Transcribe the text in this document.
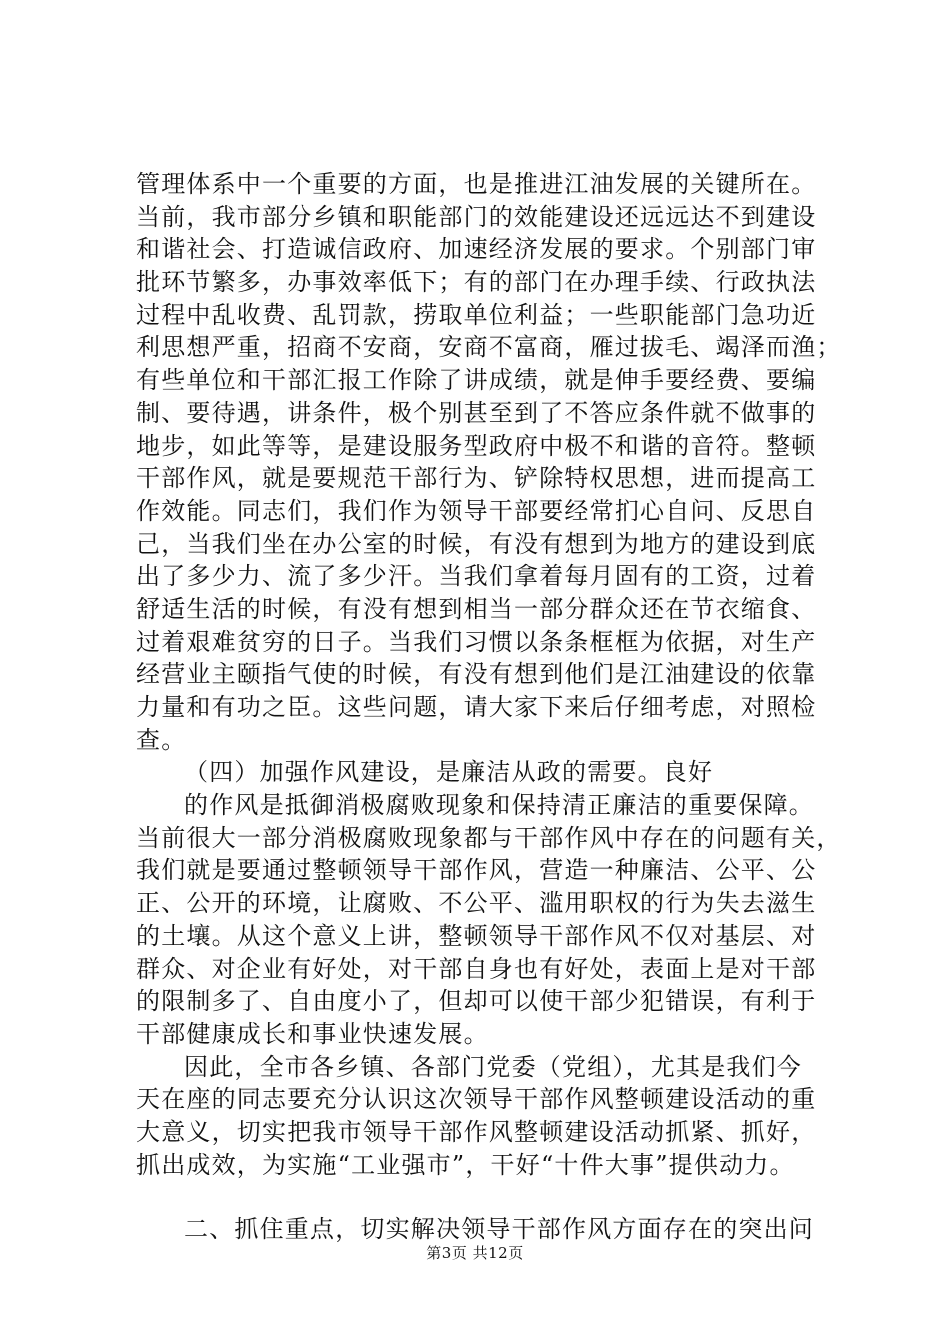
管理体系中一个重要的方面，也是推进江油发展的关键所在。
当前，我市部分乡镇和职能部门的效能建设还远远达不到建设
和谐社会、打造诚信政府、加速经济发展的要求。个别部门审
批环节繁多，办事效率低下；有的部门在办理手续、行政执法
过程中乱收费、乱罚款，捞取单位利益；一些职能部门急功近
利思想严重，招商不安商，安商不富商，雁过拔毛、竭泽而渔；
有些单位和干部汇报工作除了讲成绩，就是伸手要经费、要编
制、要待遇，讲条件，极个别甚至到了不答应条件就不做事的
地步，如此等等，是建设服务型政府中极不和谐的音符。整顿
干部作风，就是要规范干部行为、铲除特权思想，进而提高工
作效能。同志们，我们作为领导干部要经常扪心自问、反思自
己，当我们坐在办公室的时候，有没有想到为地方的建设到底
出了多少力、流了多少汗。当我们拿着每月固有的工资，过着
舒适生活的时候，有没有想到相当一部分群众还在节衣缩食、
过着艰难贫穷的日子。当我们习惯以条条框框为依据，对生产
经营业主颐指气使的时候，有没有想到他们是江油建设的依靠
力量和有功之臣。这些问题，请大家下来后仔细考虑，对照检
查。
（四）加强作风建设，是廉洁从政的需要。良好
的作风是抵御消极腐败现象和保持清正廉洁的重要保障。
当前很大一部分消极腐败现象都与干部作风中存在的问题有关，
我们就是要通过整顿领导干部作风，营造一种廉洁、公平、公
正、公开的环境，让腐败、不公平、滥用职权的行为失去滋生
的土壤。从这个意义上讲，整顿领导干部作风不仅对基层、对
群众、对企业有好处，对干部自身也有好处，表面上是对干部
的限制多了、自由度小了，但却可以使干部少犯错误，有利于
干部健康成长和事业快速发展。
因此，全市各乡镇、各部门党委（党组），尤其是我们今
天在座的同志要充分认识这次领导干部作风整顿建设活动的重
大意义，切实把我市领导干部作风整顿建设活动抓紧、抓好，
抓出成效，为实施“工业强市”，干好“十件大事”提供动力。
二、抓住重点，切实解决领导干部作风方面存在的突出问
第3页 共12页
